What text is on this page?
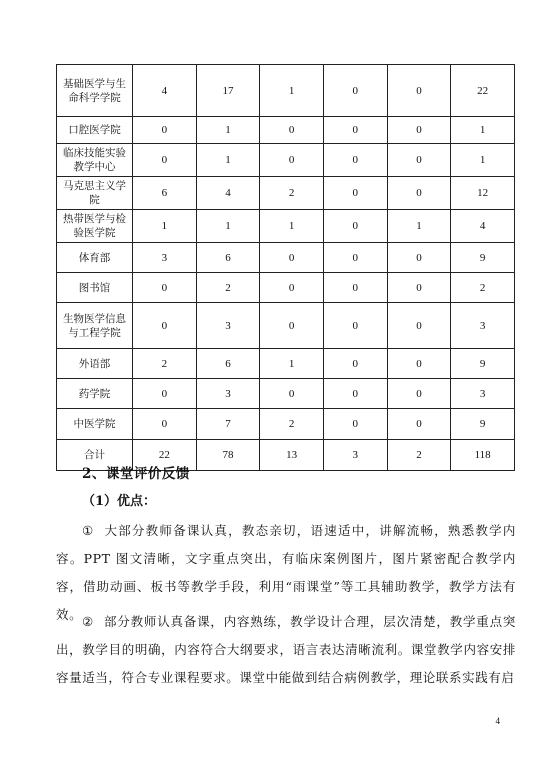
基础医学与生命科学学院	4	17	1	0	0	22
口腔医学院	0	1	0	0	0	1
临床技能实验教学中心	0	1	0	0	0	1
马克思主义学院	6	4	2	0	0	12
热带医学与检验医学院	1	1	1	0	1	4
体育部	3	6	0	0	0	9
图书馆	0	2	0	0	0	2
生物医学信息与工程学院	0	3	0	0	0	3
外语部	2	6	1	0	0	9
药学院	0	3	0	0	0	3
中医学院	0	7	2	0	0	9
合计	22	78	13	3	2	118
2、课堂评价反馈
（1）优点：
① 大部分教师备课认真，教态亲切，语速适中，讲解流畅，熟悉教学内容。PPT 图文清晰，文字重点突出，有临床案例图片，图片紧密配合教学内容，借助动画、板书等教学手段，利用“雨课堂”等工具辅助教学，教学方法有效。 ② 部分教师认真备课，内容熟练，教学设计合理，层次清楚，教学重点突出，教学目的明确，内容符合大纲要求，语言表达清晰流利。课堂教学内容安排容量适当，符合专业课程要求。课堂中能做到结合病例教学，理论联系实践有启
4
